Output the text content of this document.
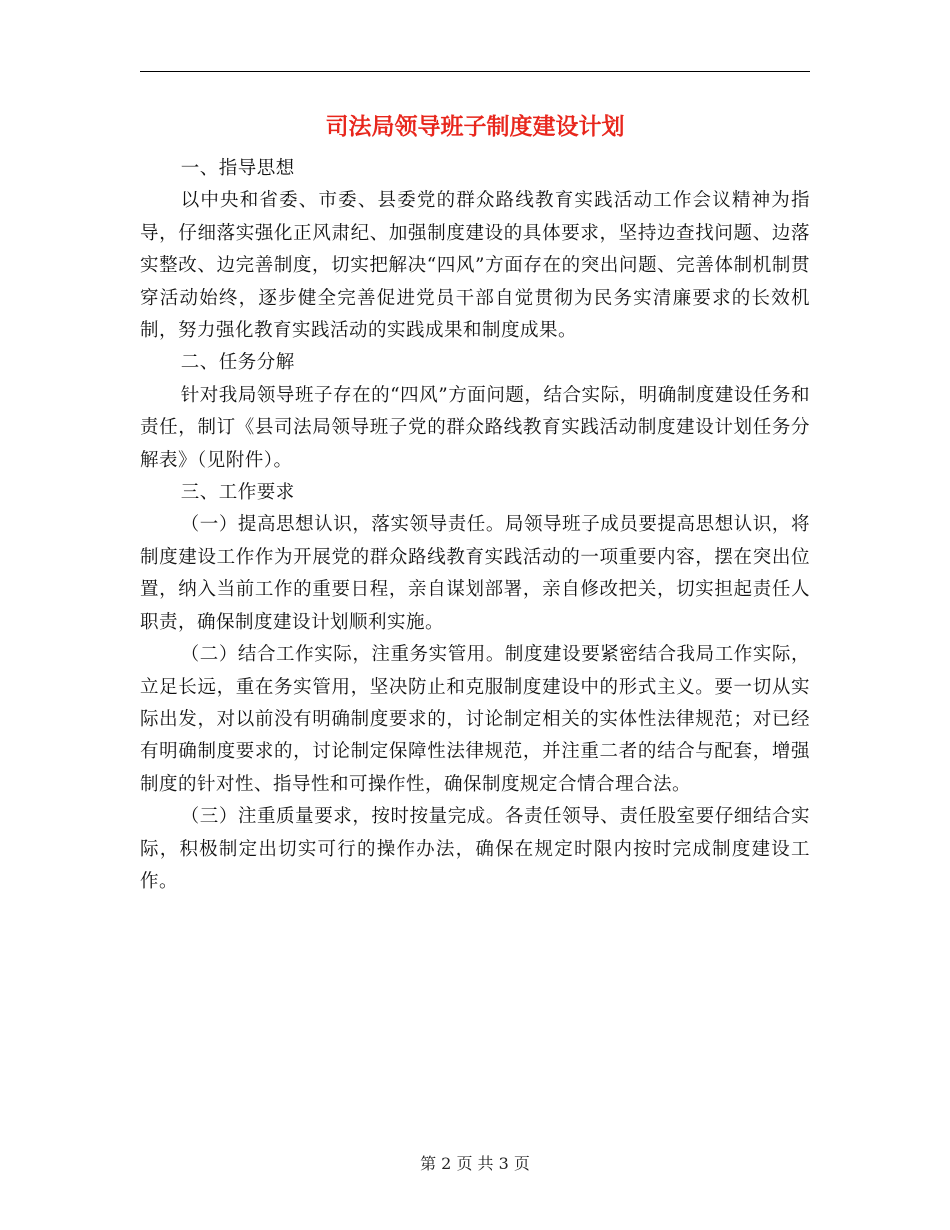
司法局领导班子制度建设计划

一、指导思想

以中央和省委、市委、县委党的群众路线教育实践活动工作会议精神为指导，仔细落实强化正风肃纪、加强制度建设的具体要求，坚持边查找问题、边落实整改、边完善制度，切实把解决“四风”方面存在的突出问题、完善体制机制贯穿活动始终，逐步健全完善促进党员干部自觉贯彻为民务实清廉要求的长效机制，努力强化教育实践活动的实践成果和制度成果。

二、任务分解

针对我局领导班子存在的“四风”方面问题，结合实际，明确制度建设任务和责任，制订《县司法局领导班子党的群众路线教育实践活动制度建设计划任务分解表》（见附件）。

三、工作要求

（一）提高思想认识，落实领导责任。局领导班子成员要提高思想认识，将制度建设工作作为开展党的群众路线教育实践活动的一项重要内容，摆在突出位置，纳入当前工作的重要日程，亲自谋划部署，亲自修改把关，切实担起责任人职责，确保制度建设计划顺利实施。

（二）结合工作实际，注重务实管用。制度建设要紧密结合我局工作实际，立足长远，重在务实管用，坚决防止和克服制度建设中的形式主义。要一切从实际出发，对以前没有明确制度要求的，讨论制定相关的实体性法律规范；对已经有明确制度要求的，讨论制定保障性法律规范，并注重二者的结合与配套，增强制度的针对性、指导性和可操作性，确保制度规定合情合理合法。

（三）注重质量要求，按时按量完成。各责任领导、责任股室要仔细结合实际，积极制定出切实可行的操作办法，确保在规定时限内按时完成制度建设工作。

第 2 页 共 3 页
